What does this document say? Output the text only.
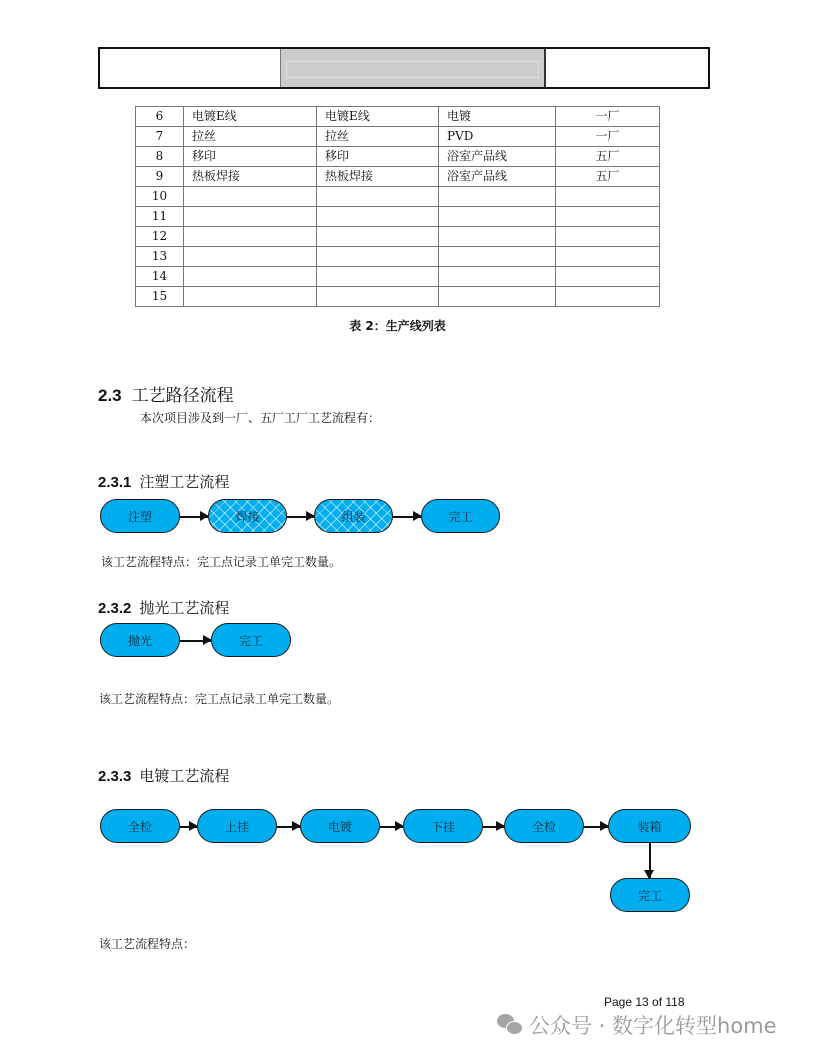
6	电镀E线	电镀E线	电镀	一厂
7	拉丝	拉丝	PVD	一厂
8	移印	移印	浴室产品线	五厂
9	热板焊接	热板焊接	浴室产品线	五厂
10				
11				
12				
13				
14				
15				
表 2：生产线列表
2.3 工艺路径流程
本次项目涉及到一厂、五厂工厂工艺流程有：
2.3.1 注塑工艺流程
注塑	焊接	组装	完工
该工艺流程特点：完工点记录工单完工数量。
2.3.2 抛光工艺流程
抛光	完工
该工艺流程特点：完工点记录工单完工数量。
2.3.3 电镀工艺流程
全检	上挂	电镀	下挂	全检	装箱
完工
该工艺流程特点：
Page 13 of 118
公众号 · 数字化转型home
